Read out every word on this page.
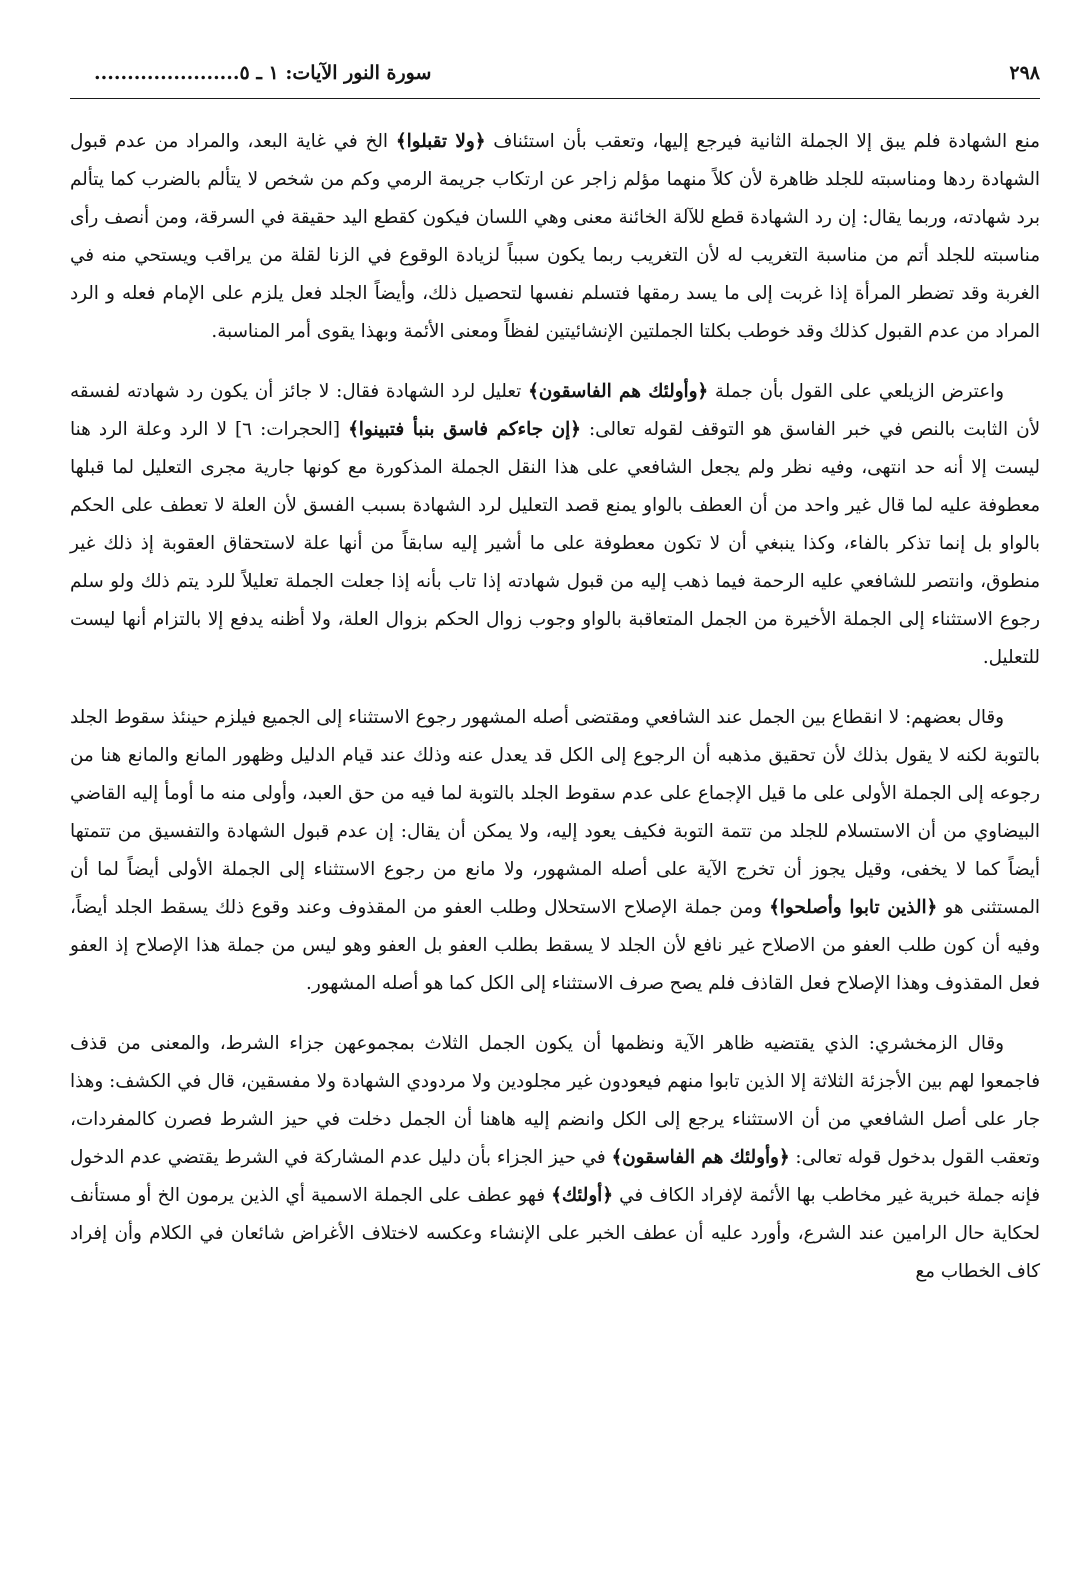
٢٩٨
سورة النور الآيات: ١ ـ ٥......................

منع الشهادة فلم يبق إلا الجملة الثانية فيرجع إليها، وتعقب بأن استئناف ﴿ولا تقبلوا﴾ الخ في غاية البعد، والمراد من عدم قبول الشهادة ردها ومناسبته للجلد ظاهرة لأن كلاً منهما مؤلم زاجر عن ارتكاب جريمة الرمي وكم من شخص لا يتألم بالضرب كما يتألم برد شهادته، وربما يقال: إن رد الشهادة قطع للآلة الخائنة معنى وهي اللسان فيكون كقطع اليد حقيقة في السرقة، ومن أنصف رأى مناسبته للجلد أتم من مناسبة التغريب له لأن التغريب ربما يكون سبباً لزيادة الوقوع في الزنا لقلة من يراقب ويستحي منه في الغربة وقد تضطر المرأة إذا غربت إلى ما يسد رمقها فتسلم نفسها لتحصيل ذلك، وأيضاً الجلد فعل يلزم على الإمام فعله و الرد المراد من عدم القبول كذلك وقد خوطب بكلتا الجملتين الإنشائيتين لفظاً ومعنى الأئمة وبهذا يقوى أمر المناسبة.

واعترض الزيلعي على القول بأن جملة ﴿وأولئك هم الفاسقون﴾ تعليل لرد الشهادة فقال: لا جائز أن يكون رد شهادته لفسقه لأن الثابت بالنص في خبر الفاسق هو التوقف لقوله تعالى: ﴿إن جاءكم فاسق بنبأ فتبينوا﴾ [الحجرات: ٦] لا الرد وعلة الرد هنا ليست إلا أنه حد انتهى، وفيه نظر ولم يجعل الشافعي على هذا النقل الجملة المذكورة مع كونها جارية مجرى التعليل لما قبلها معطوفة عليه لما قال غير واحد من أن العطف بالواو يمنع قصد التعليل لرد الشهادة بسبب الفسق لأن العلة لا تعطف على الحكم بالواو بل إنما تذكر بالفاء، وكذا ينبغي أن لا تكون معطوفة على ما أشير إليه سابقاً من أنها علة لاستحقاق العقوبة إذ ذلك غير منطوق، وانتصر للشافعي عليه الرحمة فيما ذهب إليه من قبول شهادته إذا تاب بأنه إذا جعلت الجملة تعليلاً للرد يتم ذلك ولو سلم رجوع الاستثناء إلى الجملة الأخيرة من الجمل المتعاقبة بالواو وجوب زوال الحكم بزوال العلة، ولا أظنه يدفع إلا بالتزام أنها ليست للتعليل.

وقال بعضهم: لا انقطاع بين الجمل عند الشافعي ومقتضى أصله المشهور رجوع الاستثناء إلى الجميع فيلزم حينئذ سقوط الجلد بالتوبة لكنه لا يقول بذلك لأن تحقيق مذهبه أن الرجوع إلى الكل قد يعدل عنه وذلك عند قيام الدليل وظهور المانع والمانع هنا من رجوعه إلى الجملة الأولى على ما قيل الإجماع على عدم سقوط الجلد بالتوبة لما فيه من حق العبد، وأولى منه ما أومأ إليه القاضي البيضاوي من أن الاستسلام للجلد من تتمة التوبة فكيف يعود إليه، ولا يمكن أن يقال: إن عدم قبول الشهادة والتفسيق من تتمتها أيضاً كما لا يخفى، وقيل يجوز أن تخرج الآية على أصله المشهور، ولا مانع من رجوع الاستثناء إلى الجملة الأولى أيضاً لما أن المستثنى هو ﴿الذين تابوا وأصلحوا﴾ ومن جملة الإصلاح الاستحلال وطلب العفو من المقذوف وعند وقوع ذلك يسقط الجلد أيضاً، وفيه أن كون طلب العفو من الاصلاح غير نافع لأن الجلد لا يسقط بطلب العفو بل العفو وهو ليس من جملة هذا الإصلاح إذ العفو فعل المقذوف وهذا الإصلاح فعل القاذف فلم يصح صرف الاستثناء إلى الكل كما هو أصله المشهور.

وقال الزمخشري: الذي يقتضيه ظاهر الآية ونظمها أن يكون الجمل الثلاث بمجموعهن جزاء الشرط، والمعنى من قذف فاجمعوا لهم بين الأجزئة الثلاثة إلا الذين تابوا منهم فيعودون غير مجلودين ولا مردودي الشهادة ولا مفسقين، قال في الكشف: وهذا جار على أصل الشافعي من أن الاستثناء يرجع إلى الكل وانضم إليه هاهنا أن الجمل دخلت في حيز الشرط فصرن كالمفردات، وتعقب القول بدخول قوله تعالى: ﴿وأولئك هم الفاسقون﴾ في حيز الجزاء بأن دليل عدم المشاركة في الشرط يقتضي عدم الدخول فإنه جملة خبرية غير مخاطب بها الأئمة لإفراد الكاف في ﴿أولئك﴾ فهو عطف على الجملة الاسمية أي الذين يرمون الخ أو مستأنف لحكاية حال الرامين عند الشرع، وأورد عليه أن عطف الخبر على الإنشاء وعكسه لاختلاف الأغراض شائعان في الكلام وأن إفراد كاف الخطاب مع
